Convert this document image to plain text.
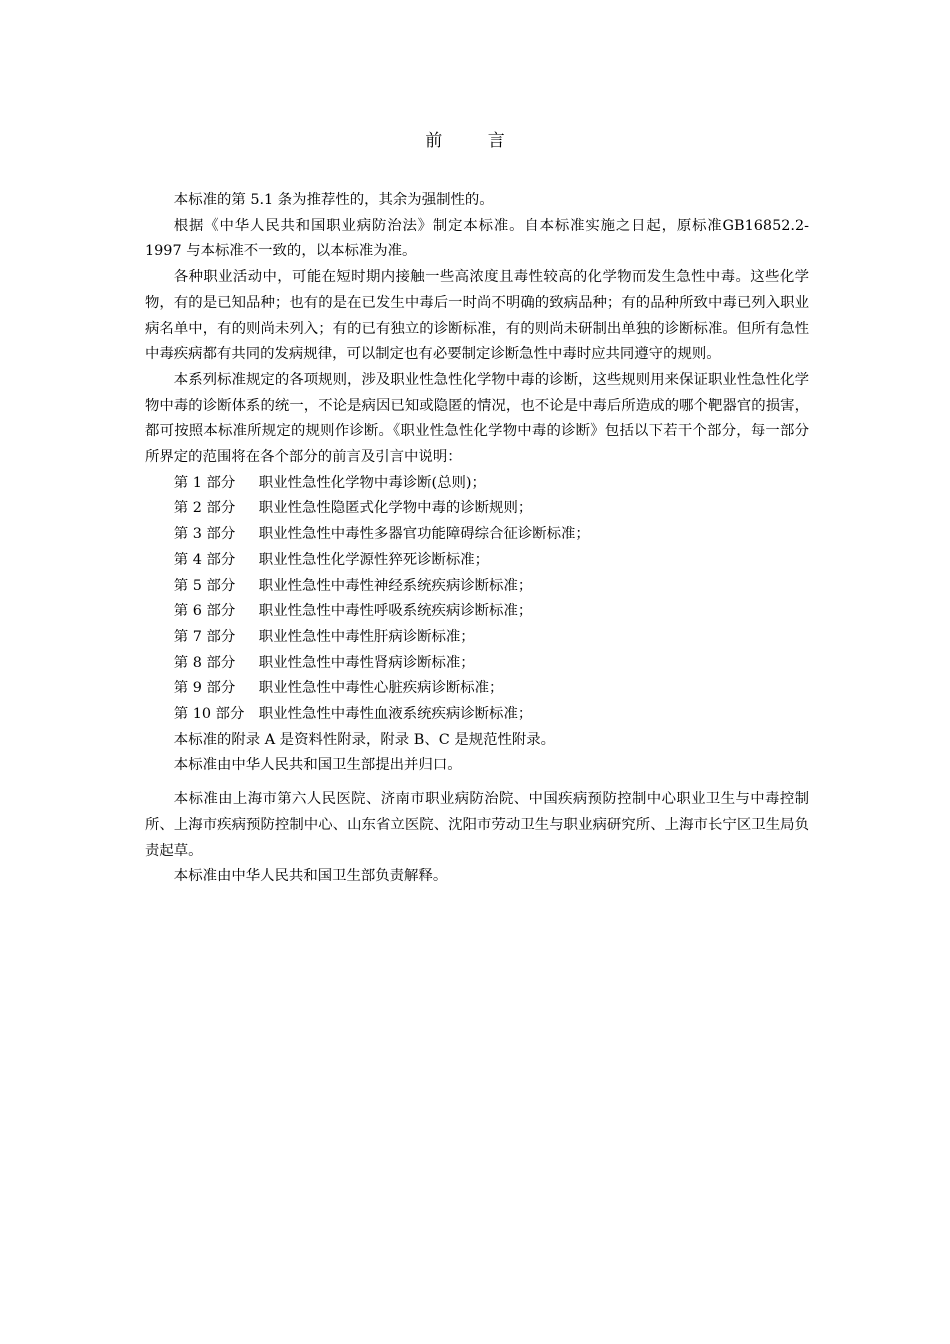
前 言

本标准的第 5.1 条为推荐性的，其余为强制性的。

根据《中华人民共和国职业病防治法》制定本标准。自本标准实施之日起，原标准GB16852.2-1997 与本标准不一致的，以本标准为准。

各种职业活动中，可能在短时期内接触一些高浓度且毒性较高的化学物而发生急性中毒。这些化学物，有的是已知品种；也有的是在已发生中毒后一时尚不明确的致病品种；有的品种所致中毒已列入职业病名单中，有的则尚未列入；有的已有独立的诊断标准，有的则尚未研制出单独的诊断标准。但所有急性中毒疾病都有共同的发病规律，可以制定也有必要制定诊断急性中毒时应共同遵守的规则。

本系列标准规定的各项规则，涉及职业性急性化学物中毒的诊断，这些规则用来保证职业性急性化学物中毒的诊断体系的统一，不论是病因已知或隐匿的情况，也不论是中毒后所造成的哪个靶器官的损害，都可按照本标准所规定的规则作诊断。《职业性急性化学物中毒的诊断》包括以下若干个部分，每一部分所界定的范围将在各个部分的前言及引言中说明：

第 1 部分 职业性急性化学物中毒诊断(总则)；
第 2 部分 职业性急性隐匿式化学物中毒的诊断规则；
第 3 部分 职业性急性中毒性多器官功能障碍综合征诊断标准；
第 4 部分 职业性急性化学源性猝死诊断标准；
第 5 部分 职业性急性中毒性神经系统疾病诊断标准；
第 6 部分 职业性急性中毒性呼吸系统疾病诊断标准；
第 7 部分 职业性急性中毒性肝病诊断标准；
第 8 部分 职业性急性中毒性肾病诊断标准；
第 9 部分 职业性急性中毒性心脏疾病诊断标准；
第 10 部分 职业性急性中毒性血液系统疾病诊断标准；

本标准的附录 A 是资料性附录，附录 B、C 是规范性附录。

本标准由中华人民共和国卫生部提出并归口。

本标准由上海市第六人民医院、济南市职业病防治院、中国疾病预防控制中心职业卫生与中毒控制所、上海市疾病预防控制中心、山东省立医院、沈阳市劳动卫生与职业病研究所、上海市长宁区卫生局负责起草。

本标准由中华人民共和国卫生部负责解释。
